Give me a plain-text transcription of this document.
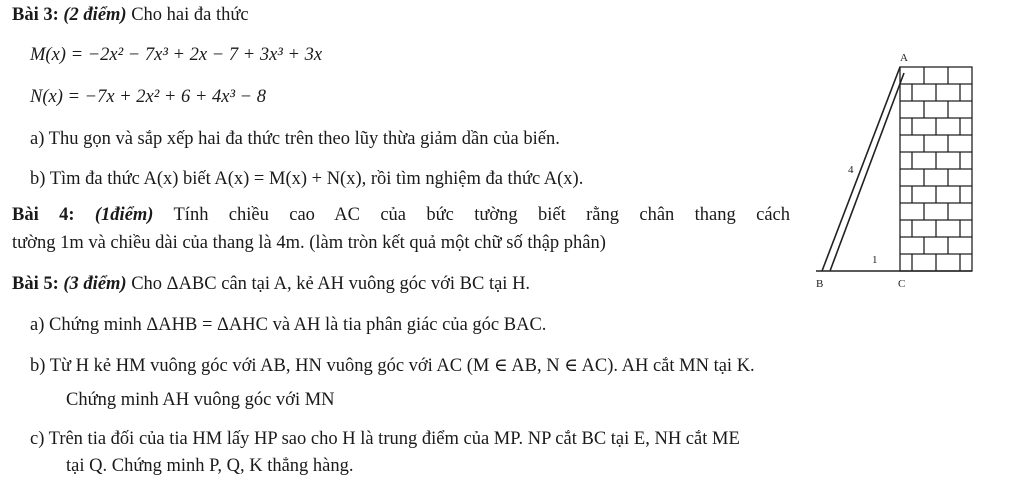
Bài 3: (2 điểm) Cho hai đa thức
M(x) = −2x² − 7x³ + 2x − 7 + 3x³ + 3x
N(x) = −7x + 2x² + 6 + 4x³ − 8
a) Thu gọn và sắp xếp hai đa thức trên theo lũy thừa giảm dần của biến.
b) Tìm đa thức A(x) biết A(x) = M(x) + N(x), rồi tìm nghiệm đa thức A(x).
Bài 4: (1điểm) Tính chiều cao AC của bức tường biết rằng chân thang cách
tường 1m và chiều dài của thang là 4m. (làm tròn kết quả một chữ số thập phân)
Bài 5: (3 điểm) Cho ΔABC cân tại A, kẻ AH vuông góc với BC tại H.
a) Chứng minh ΔAHB = ΔAHC và AH là tia phân giác của góc BAC.
b) Từ H kẻ HM vuông góc với AB, HN vuông góc với AC (M ∈ AB, N ∈ AC). AH cắt MN tại K.
Chứng minh AH vuông góc với MN
c) Trên tia đối của tia HM lấy HP sao cho H là trung điểm của MP. NP cắt BC tại E, NH cắt ME
tại Q. Chứng minh P, Q, K thẳng hàng.
A
B	C
4
1
